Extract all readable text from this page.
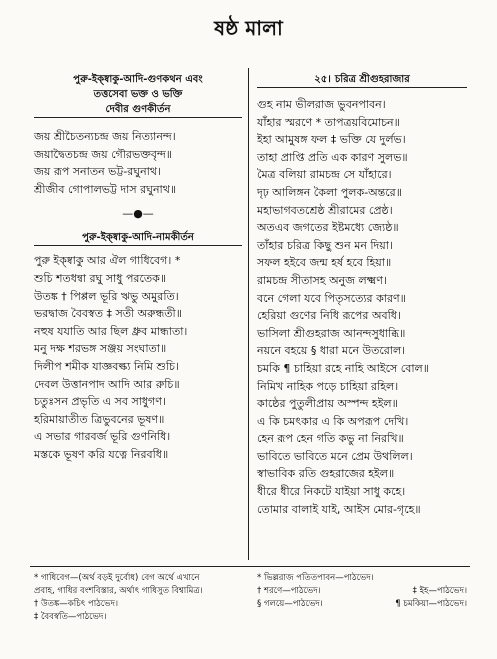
ষষ্ঠ মালা

পুরু-ইক্ষ্বাকু-আদি-গুণকথন এবং

তত্তসেবা ভক্ত ও ভক্তি

দেবীর গুণকীর্তন

জয় শ্রীচৈতন্যচন্দ্র জয় নিত্যানন্দ।

জয়াদ্বৈতচন্দ্র জয় গৌরভক্তবৃন্দ॥

জয় রূপ সনাতন ভট্ট-রঘুনাথ।

শ্রীজীব গোপালভট্ট দাস রঘুনাথ॥

—●—

পুরু-ইক্ষ্বাকু-আদি-নামকীর্তন

পুরু ইক্ষ্বাকু আর ঐল গাধিবেগ। *

শুচি শতধন্বা রঘু সাধু পরতেক॥

উতঙ্ক † পিপ্পল ভূরি ঋভু অমুরতি।

ভরদ্বাজ বৈবস্বত ‡ সতী অরুন্ধতী॥

নহুষ যযাতি আর ছিল ধ্রুব মান্ধাতা।

মনু দক্ষ শরভঙ্গ সঞ্জয় সংঘাতা॥

দিলীপ শমীক যাজ্ঞবল্ক্য নিমি শুচি।

দেবল উত্তানপাদ আদি আর রুচি॥

চতুঃসন প্রভৃতি এ সব সাধুগণ।

হরিমায়াতীত ত্রিভুবনের ভূষণ॥

এ সভার গারবর্জ ভূরি গুণনিধি।

মস্তকে ভূষণ করি যত্নে নিরবধি॥

২৫। চরিত্র শ্রীগুহরাজার

গুহ নাম ভীলরাজ ভুবনপাবন।

যাঁহার স্মরণে * তাপত্রয়বিমোচন॥

ইহা আমুষঙ্গ ফল ‡ ভক্তি যে দুর্লভ।

তাহা প্রাপ্তি প্রতি এক কারণ সুলভ॥

মৈত্র বলিয়া রামচন্দ্র সে যাঁহারে।

দৃঢ় আলিঙ্গন কৈলা পুলক-অন্তরে॥

মহাভাগবতশ্রেষ্ঠ শ্রীরামের প্রেষ্ঠ।

অতএব জগতের ইষ্টমধ্যে জ্যেষ্ঠ॥

তাঁহার চরিত্র কিছু শুন মন দিয়া।

সফল হইবে জন্ম হর্ষ হবে হিয়া॥

রামচন্দ্র সীতাসহ অনুজ লক্ষ্মণ।

বনে গেলা যবে পিতৃসত্যের কারণ॥

হেরিয়া গুণের নিধি রূপের অবধি।

ভাসিলা শ্রীগুহরাজ আনন্দসুধাব্ধি॥

নয়নে বহয়ে § ধারা মনে উতরোল।

চমকি ¶ চাহিয়া রহে নাহি আইসে বোল॥

নিমিখ নাহিক পড়ে চাহিয়া রহিল।

কাষ্ঠের পুতুলীপ্রায় অস্পন্দ হইল॥

এ কি চমৎকার এ কি অপরূপ দেখি।

হেন রূপ হেন গতি কভু না নিরখি॥

ভাবিতে ভাবিতে মনে প্রেম উথলিল।

স্বাভাবিক রতি গুহরাজের হইল॥

ধীরে ধীরে নিকটে যাইয়া সাধু কহে।

তোমার বালাই যাই, আইস মোর-গৃহে॥

* গাধিবেগ—(অর্থ বড়ই দুর্বোধ) বেগ অর্থে এখানে

প্রবাহ, গাধির বংশবিস্তার, অর্থাৎ গাধিসুত বিশ্বামিত্র।

† উতঙ্ক—কচিৎ পাঠভেদ।

‡ বৈবস্বতি—পাঠভেদ।

* ভিল্লরাজ পতিতপাবন—পাঠভেদ।

† শরণে—পাঠভেদ।	‡ ইহ—পাঠভেদ।

§ গলয়ে—পাঠভেদ।	¶ চমকিয়া—পাঠভেদ।
